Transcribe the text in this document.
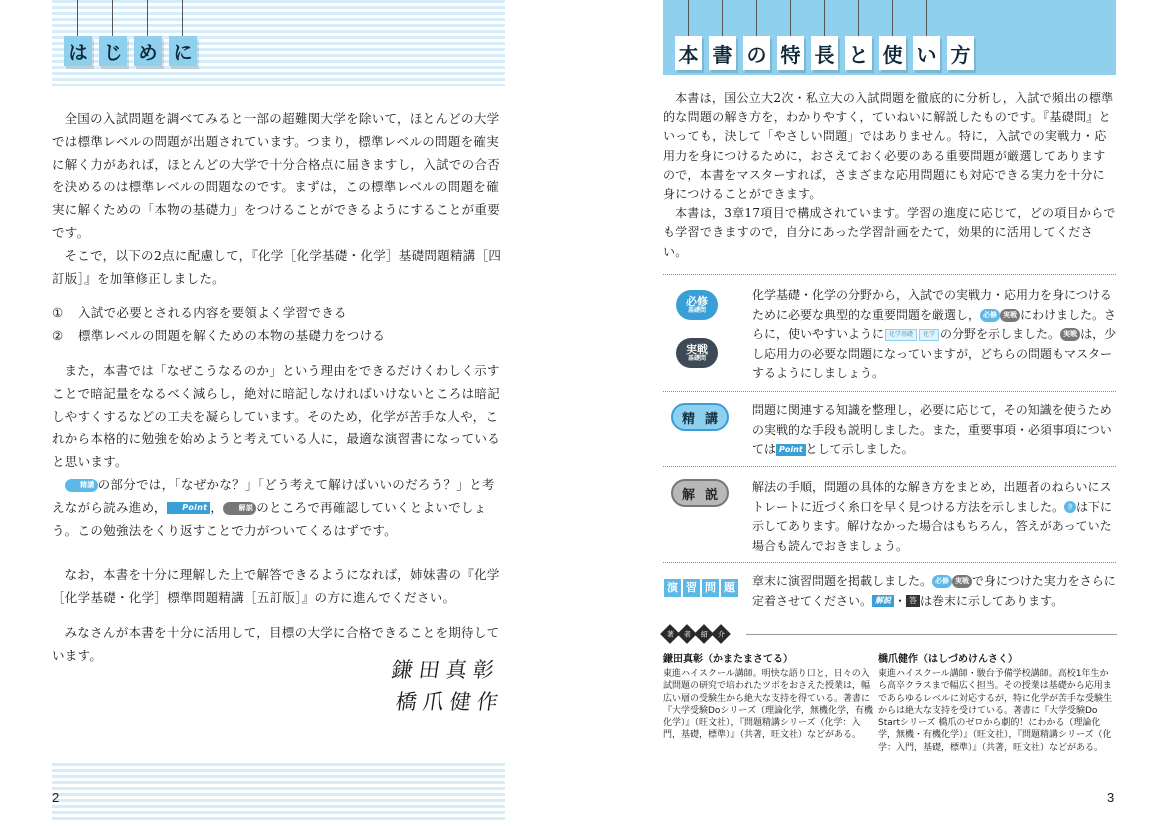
は じ め に

全国の入試問題を調べてみると一部の超難関大学を除いて，ほとんどの大学では標準レベルの問題が出題されています。つまり，標準レベルの問題を確実に解く力があれば，ほとんどの大学で十分合格点に届きますし，入試での合否を決めるのは標準レベルの問題なのです。まずは，この標準レベルの問題を確実に解くための「本物の基礎力」をつけることができるようにすることが重要です。

そこで，以下の2点に配慮して，『化学［化学基礎・化学］基礎問題精講［四訂版］』を加筆修正しました。

①	入試で必要とされる内容を要領よく学習できる
②	標準レベルの問題を解くための本物の基礎力をつける

また，本書では「なぜこうなるのか」という理由をできるだけくわしく示すことで暗記量をなるべく減らし，絶対に暗記しなければいけないところは暗記しやすくするなどの工夫を凝らしています。そのため，化学が苦手な人や，これから本格的に勉強を始めようと考えている人に，最適な演習書になっていると思います。

精講 の部分では，「なぜかな？」「どう考えて解けばいいのだろう？」と考えながら読み進め， Point ， 解説 のところで再確認していくとよいでしょう。この勉強法をくり返すことで力がついてくるはずです。

なお，本書を十分に理解した上で解答できるようになれば，姉妹書の『化学［化学基礎・化学］標準問題精講［五訂版］』の方に進んでください。

みなさんが本書を十分に活用して，目標の大学に合格できることを期待しています。

鎌田真彰
橋爪健作
2
本 書 の 特 長 と 使 い 方

本書は，国公立大2次・私立大の入試問題を徹底的に分析し，入試で頻出の標準的な問題の解き方を，わかりやすく，ていねいに解説したものです。『基礎問』といっても，決して「やさしい問題」ではありません。特に，入試での実戦力・応用力を身につけるために，おさえておく必要のある重要問題が厳選してありますので，本書をマスターすれば，さまざまな応用問題にも対応できる実力を十分に身につけることができます。

本書は，3章17項目で構成されています。学習の進度に応じて，どの項目からでも学習できますので，自分にあった学習計画をたて，効果的に活用してください。

必修
基礎問
実戦
基礎問
化学基礎・化学の分野から，入試での実戦力・応用力を身につけるために必要な典型的な重要問題を厳選し， 必修 実戦 にわけました。さらに，使いやすいように 化学基礎 化学 の分野を示しました。 実戦 は，少し応用力の必要な問題になっていますが，どちらの問題もマスターするようにしましょう。
精 講
問題に関連する知識を整理し，必要に応じて，その知識を使うための実戦的な手段も説明しました。また，重要事項・必須事項については Point として示しました。
解 説
解法の手順，問題の具体的な解き方をまとめ，出題者のねらいにストレートに近づく糸口を早く見つける方法を示しました。 き は下に示してあります。解けなかった場合はもちろん，答えがあっていた場合も読んでおきましょう。
演 習 問 題 章末に演習問題を掲載しました。 必修 実戦 で身につけた実力をさらに定着させてください。 解説 ・ 答 は巻末に示してあります。
著 者 紹 介
鎌田真彰（かまたまさてる）
東進ハイスクール講師。明快な語り口と，日々の入試問題の研究で培われたツボをおさえた授業は，幅広い層の受験生から絶大な支持を得ている。著書に『大学受験Doシリーズ（理論化学，無機化学，有機化学）』（旺文社），『問題精講シリーズ（化学：入門，基礎，標準）』（共著，旺文社）などがある。
橋爪健作（はしづめけんさく）
東進ハイスクール講師・駿台予備学校講師。高校1年生から高卒クラスまで幅広く担当。その授業は基礎から応用まであらゆるレベルに対応するが，特に化学が苦手な受験生からは絶大な支持を受けている。著書に『大学受験Do Startシリーズ 橋爪のゼロから劇的！にわかる（理論化学，無機・有機化学）』（旺文社），『問題精講シリーズ（化学：入門，基礎，標準）』（共著，旺文社）などがある。
3
